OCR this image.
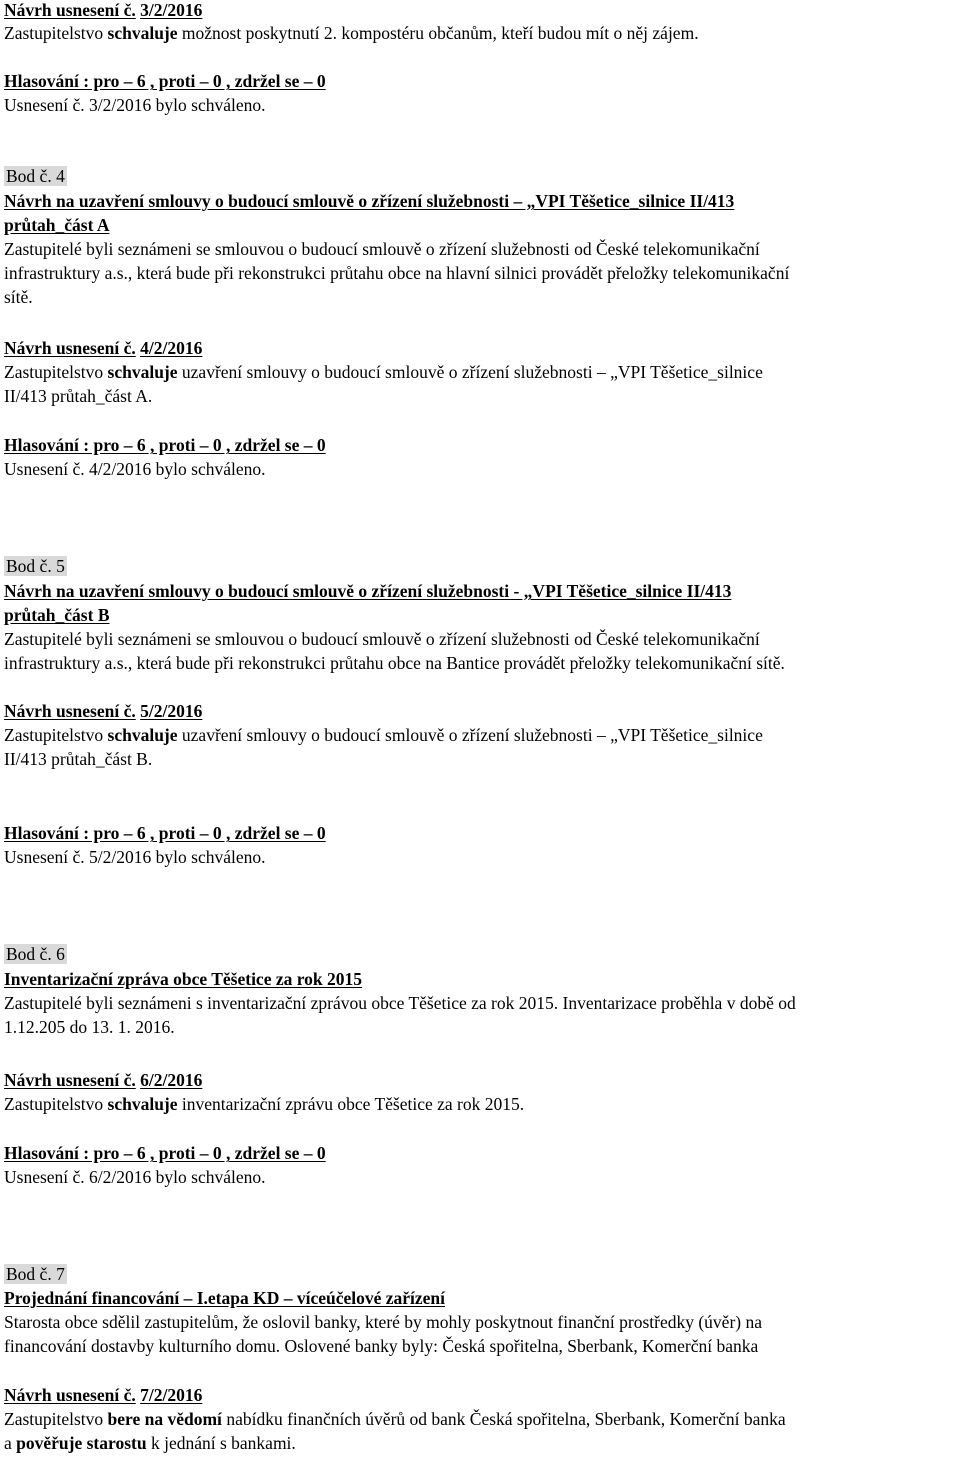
Návrh usnesení č. 3/2/2016
Zastupitelstvo schvaluje možnost poskytnutí 2. kompostéru občanům, kteří budou mít o něj zájem.
Hlasování : pro – 6 , proti – 0 , zdržel se – 0
Usnesení č. 3/2/2016 bylo schváleno.
Bod č. 4
Návrh na uzavření smlouvy o budoucí smlouvě o zřízení služebnosti – „VPI Těšetice_silnice II/413
průtah_část A
Zastupitelé byli seznámeni se smlouvou o budoucí smlouvě o zřízení služebnosti od České telekomunikační
infrastruktury a.s., která bude při rekonstrukci průtahu obce na hlavní silnici provádět přeložky telekomunikační
sítě.
Návrh usnesení č. 4/2/2016
Zastupitelstvo schvaluje uzavření smlouvy o budoucí smlouvě o zřízení služebnosti – „VPI Těšetice_silnice
II/413 průtah_část A.
Hlasování : pro – 6 , proti – 0 , zdržel se – 0
Usnesení č. 4/2/2016 bylo schváleno.
Bod č. 5
Návrh na uzavření smlouvy o budoucí smlouvě o zřízení služebnosti - „VPI Těšetice_silnice II/413
průtah_část B
Zastupitelé byli seznámeni se smlouvou o budoucí smlouvě o zřízení služebnosti od České telekomunikační
infrastruktury a.s., která bude při rekonstrukci průtahu obce na Bantice provádět přeložky telekomunikační sítě.
Návrh usnesení č. 5/2/2016
Zastupitelstvo schvaluje uzavření smlouvy o budoucí smlouvě o zřízení služebnosti – „VPI Těšetice_silnice
II/413 průtah_část B.
Hlasování : pro – 6 , proti – 0 , zdržel se – 0
Usnesení č. 5/2/2016 bylo schváleno.
Bod č. 6
Inventarizační zpráva obce Těšetice za rok 2015
Zastupitelé byli seznámeni s inventarizační zprávou obce Těšetice za rok 2015. Inventarizace proběhla v době od
1.12.205 do 13. 1. 2016.
Návrh usnesení č. 6/2/2016
Zastupitelstvo schvaluje inventarizační zprávu obce Těšetice za rok 2015.
Hlasování : pro – 6 , proti – 0 , zdržel se – 0
Usnesení č. 6/2/2016 bylo schváleno.
Bod č. 7
Projednání financování – I.etapa KD – víceúčelové zařízení
Starosta obce sdělil zastupitelům, že oslovil banky, které by mohly poskytnout finanční prostředky (úvěr) na
financování dostavby kulturního domu. Oslovené banky byly: Česká spořitelna, Sberbank, Komerční banka
Návrh usnesení č. 7/2/2016
Zastupitelstvo bere na vědomí nabídku finančních úvěrů od bank Česká spořitelna, Sberbank, Komerční banka
a pověřuje starostu k jednání s bankami.
